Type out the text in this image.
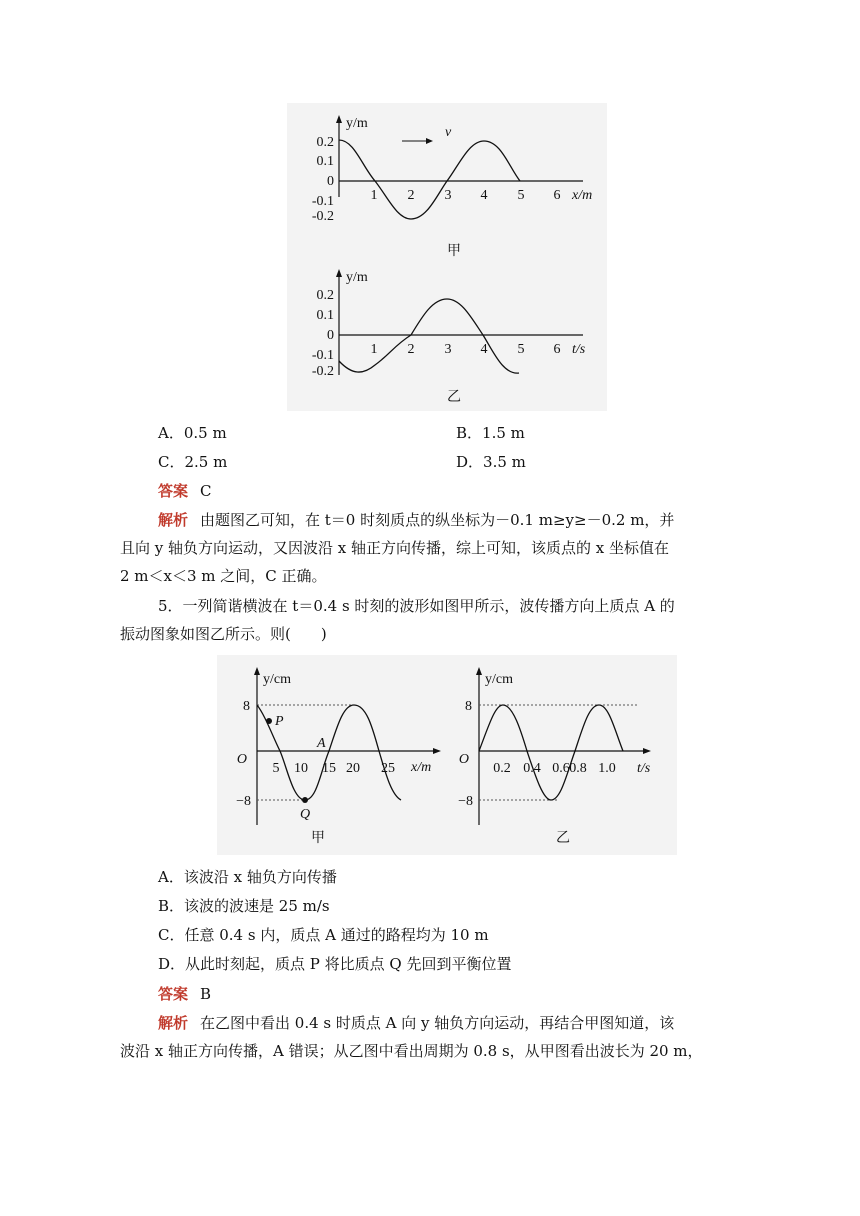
y/m
x/m
v
0.2
0.1
0
-0.1
-0.2
1 2 3 4 5 6
甲
y/m
t/s
0.2
0.1
0
-0.1
-0.2
1 2 3 4 5 6
乙
A．0.5 m	B．1.5 m
C．2.5 m	D．3.5 m
答案 C

解析 由题图乙可知，在 t＝0 时刻质点的纵坐标为－0.1 m≥y≥－0.2 m，并

且向 y 轴负方向运动，又因波沿 x 轴正方向传播，综上可知，该质点的 x 坐标值在

2 m＜x＜3 m 之间，C 正确。

5．一列简谐横波在 t＝0.4 s 时刻的波形如图甲所示，波传播方向上质点 A 的

振动图象如图乙所示。则(　　)

y/cm
x/m
8
−8
O
5 10 15 20 25
P
A
Q
甲
y/cm
t/s
8
−8
O
0.2 0.4 0.6 0.8 1.0
乙
A．该波沿 x 轴负方向传播
B．该波的波速是 25 m/s
C．任意 0.4 s 内，质点 A 通过的路程均为 10 m
D．从此时刻起，质点 P 将比质点 Q 先回到平衡位置
答案 B

解析 在乙图中看出 0.4 s 时质点 A 向 y 轴负方向运动，再结合甲图知道，该

波沿 x 轴正方向传播，A 错误；从乙图中看出周期为 0.8 s，从甲图看出波长为 20 m，
